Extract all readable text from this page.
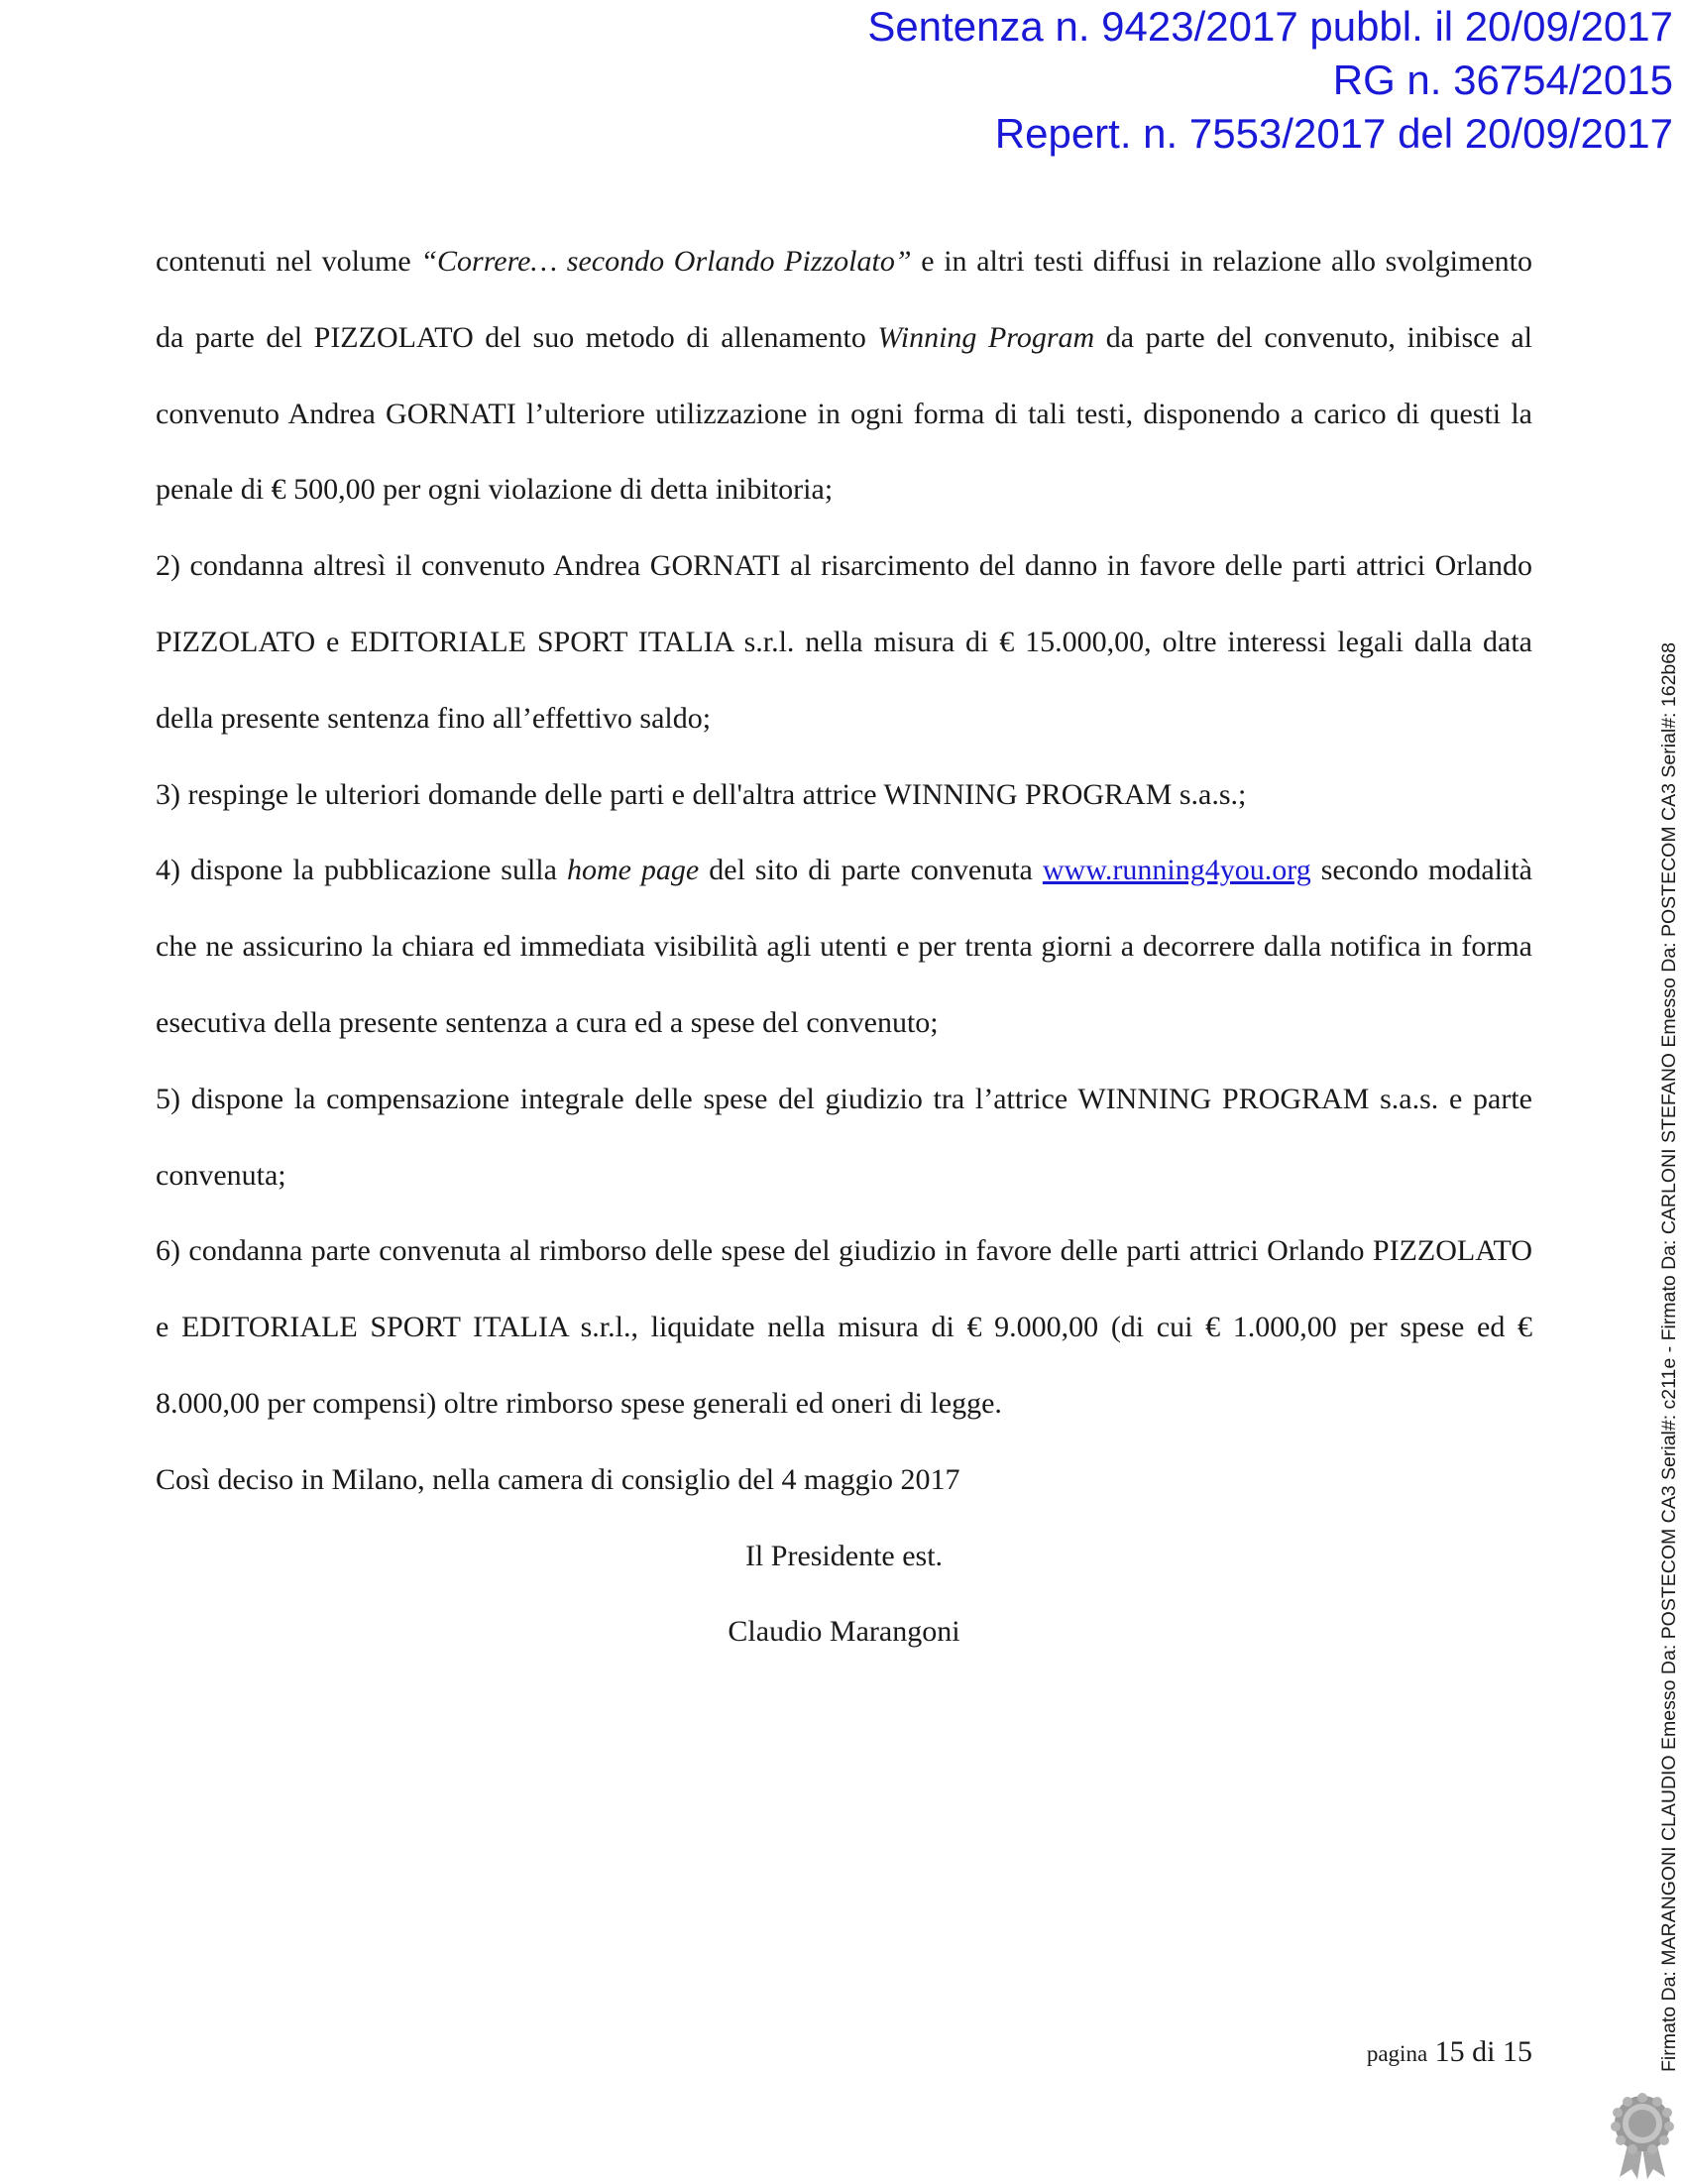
Sentenza n. 9423/2017 pubbl. il 20/09/2017
RG n. 36754/2015
Repert. n. 7553/2017 del 20/09/2017

contenuti nel volume “Correre… secondo Orlando Pizzolato” e in altri testi diffusi in relazione allo svolgimento da parte del PIZZOLATO del suo metodo di allenamento Winning Program da parte del convenuto, inibisce al convenuto Andrea GORNATI l’ulteriore utilizzazione in ogni forma di tali testi, disponendo a carico di questi la penale di € 500,00 per ogni violazione di detta inibitoria;

2) condanna altresì il convenuto Andrea GORNATI al risarcimento del danno in favore delle parti attrici Orlando PIZZOLATO e EDITORIALE SPORT ITALIA s.r.l. nella misura di € 15.000,00, oltre interessi legali dalla data della presente sentenza fino all’effettivo saldo;

3) respinge le ulteriori domande delle parti e dell'altra attrice WINNING PROGRAM s.a.s.;

4) dispone la pubblicazione sulla home page del sito di parte convenuta www.running4you.org secondo modalità che ne assicurino la chiara ed immediata visibilità agli utenti e per trenta giorni a decorrere dalla notifica in forma esecutiva della presente sentenza a cura ed a spese del convenuto;

5) dispone la compensazione integrale delle spese del giudizio tra l’attrice WINNING PROGRAM s.a.s. e parte convenuta;

6) condanna parte convenuta al rimborso delle spese del giudizio in favore delle parti attrici Orlando PIZZOLATO e EDITORIALE SPORT ITALIA s.r.l., liquidate nella misura di € 9.000,00 (di cui € 1.000,00 per spese ed € 8.000,00 per compensi) oltre rimborso spese generali ed oneri di legge.

Così deciso in Milano, nella camera di consiglio del 4 maggio 2017

Il Presidente est.

Claudio Marangoni

pagina 15 di 15	Firmato Da: MARANGONI CLAUDIO Emesso Da: POSTECOM CA3 Serial#: c211e - Firmato Da: CARLONI STEFANO Emesso Da: POSTECOM CA3 Serial#: 162b68
